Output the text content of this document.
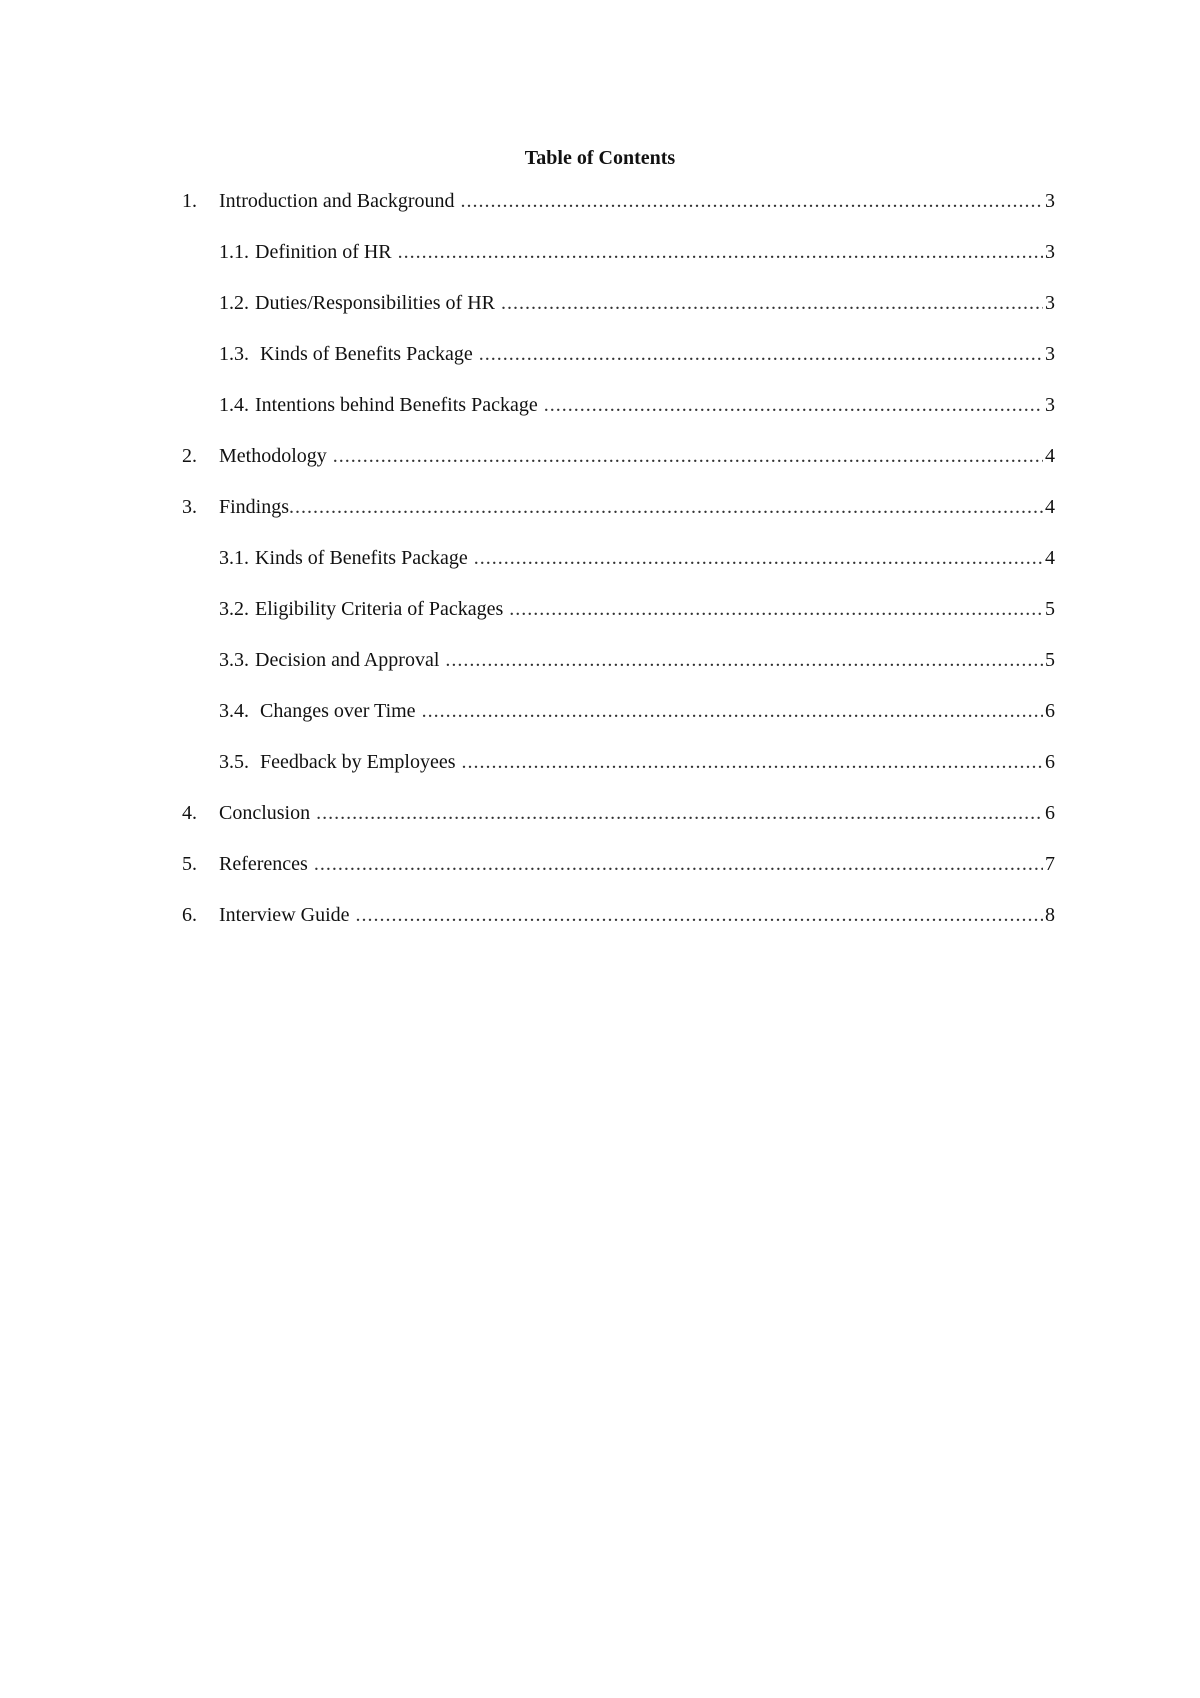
Table of Contents
1.	Introduction and Background .....	3
1.1. Definition of HR .....	3
1.2. Duties/Responsibilities of HR .....	3
1.3. Kinds of Benefits Package .....	3
1.4. Intentions behind Benefits Package .....	3
2.	Methodology .....	4
3.	Findings .....	4
3.1. Kinds of Benefits Package .....	4
3.2. Eligibility Criteria of Packages .....	5
3.3. Decision and Approval .....	5
3.4. Changes over Time .....	6
3.5. Feedback by Employees .....	6
4.	Conclusion .....	6
5.	References .....	7
6.	Interview Guide .....	8
